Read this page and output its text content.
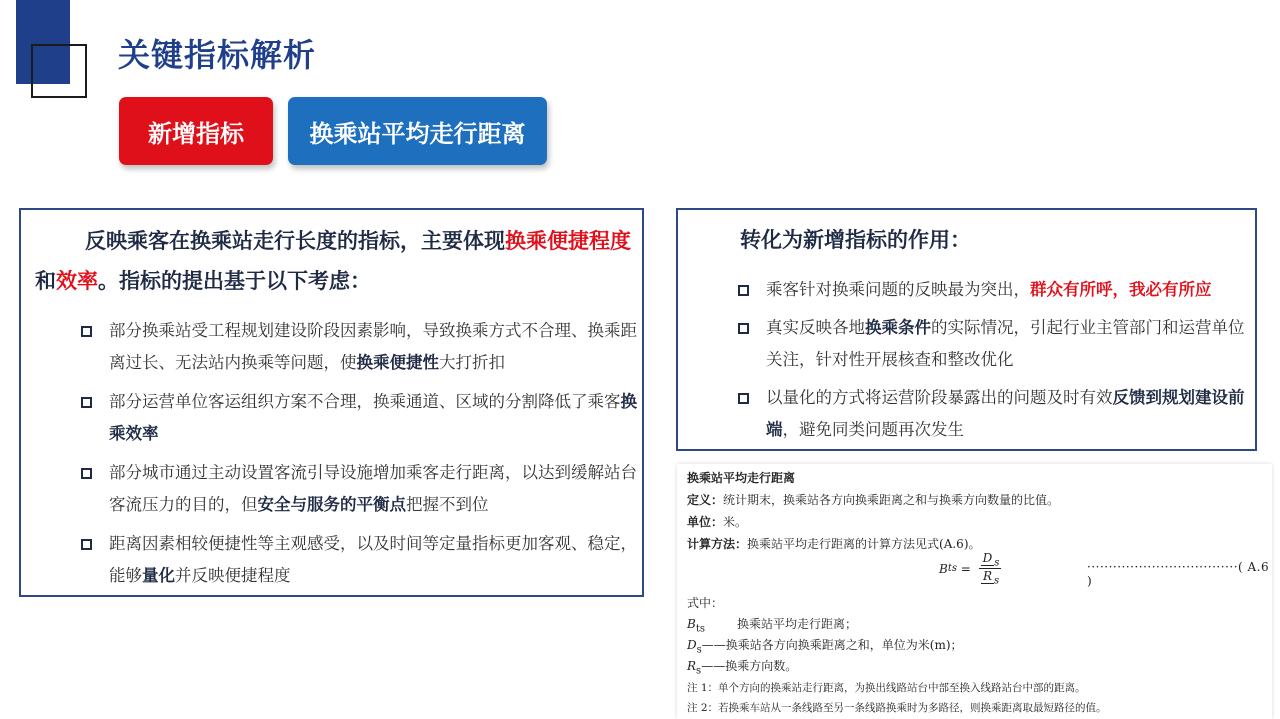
关键指标解析
新增指标	换乘站平均走行距离
反映乘客在换乘站走行长度的指标，主要体现换乘便捷程度和效率。指标的提出基于以下考虑：
部分换乘站受工程规划建设阶段因素影响，导致换乘方式不合理、换乘距离过长、无法站内换乘等问题，使换乘便捷性大打折扣
部分运营单位客运组织方案不合理，换乘通道、区域的分割降低了乘客换乘效率
部分城市通过主动设置客流引导设施增加乘客走行距离，以达到缓解站台客流压力的目的，但安全与服务的平衡点把握不到位
距离因素相较便捷性等主观感受，以及时间等定量指标更加客观、稳定，能够量化并反映便捷程度
转化为新增指标的作用：
乘客针对换乘问题的反映最为突出，群众有所呼，我必有所应
真实反映各地换乘条件的实际情况，引起行业主管部门和运营单位关注，针对性开展核查和整改优化
以量化的方式将运营阶段暴露出的问题及时有效反馈到规划建设前端，避免同类问题再次发生
换乘站平均走行距离
定义：统计期末，换乘站各方向换乘距离之和与换乘方向数量的比值。
单位：米。
计算方法：换乘站平均走行距离的计算方法见式(A.6)。
B ts = $\frac{D _s}{R _s}$	···································( A.6 )
式中：
$B_{ts}$	换乘站平均走行距离；
$D_s——$换乘站各方向换乘距离之和，单位为米(m)；
$R_s——$换乘方向数。
注 1：单个方向的换乘站走行距离，为换出线路站台中部至换入线路站台中部的距离。
注 2：若换乘车站从一条线路至另一条线路换乘时为多路径，则换乘距离取最短路径的值。
